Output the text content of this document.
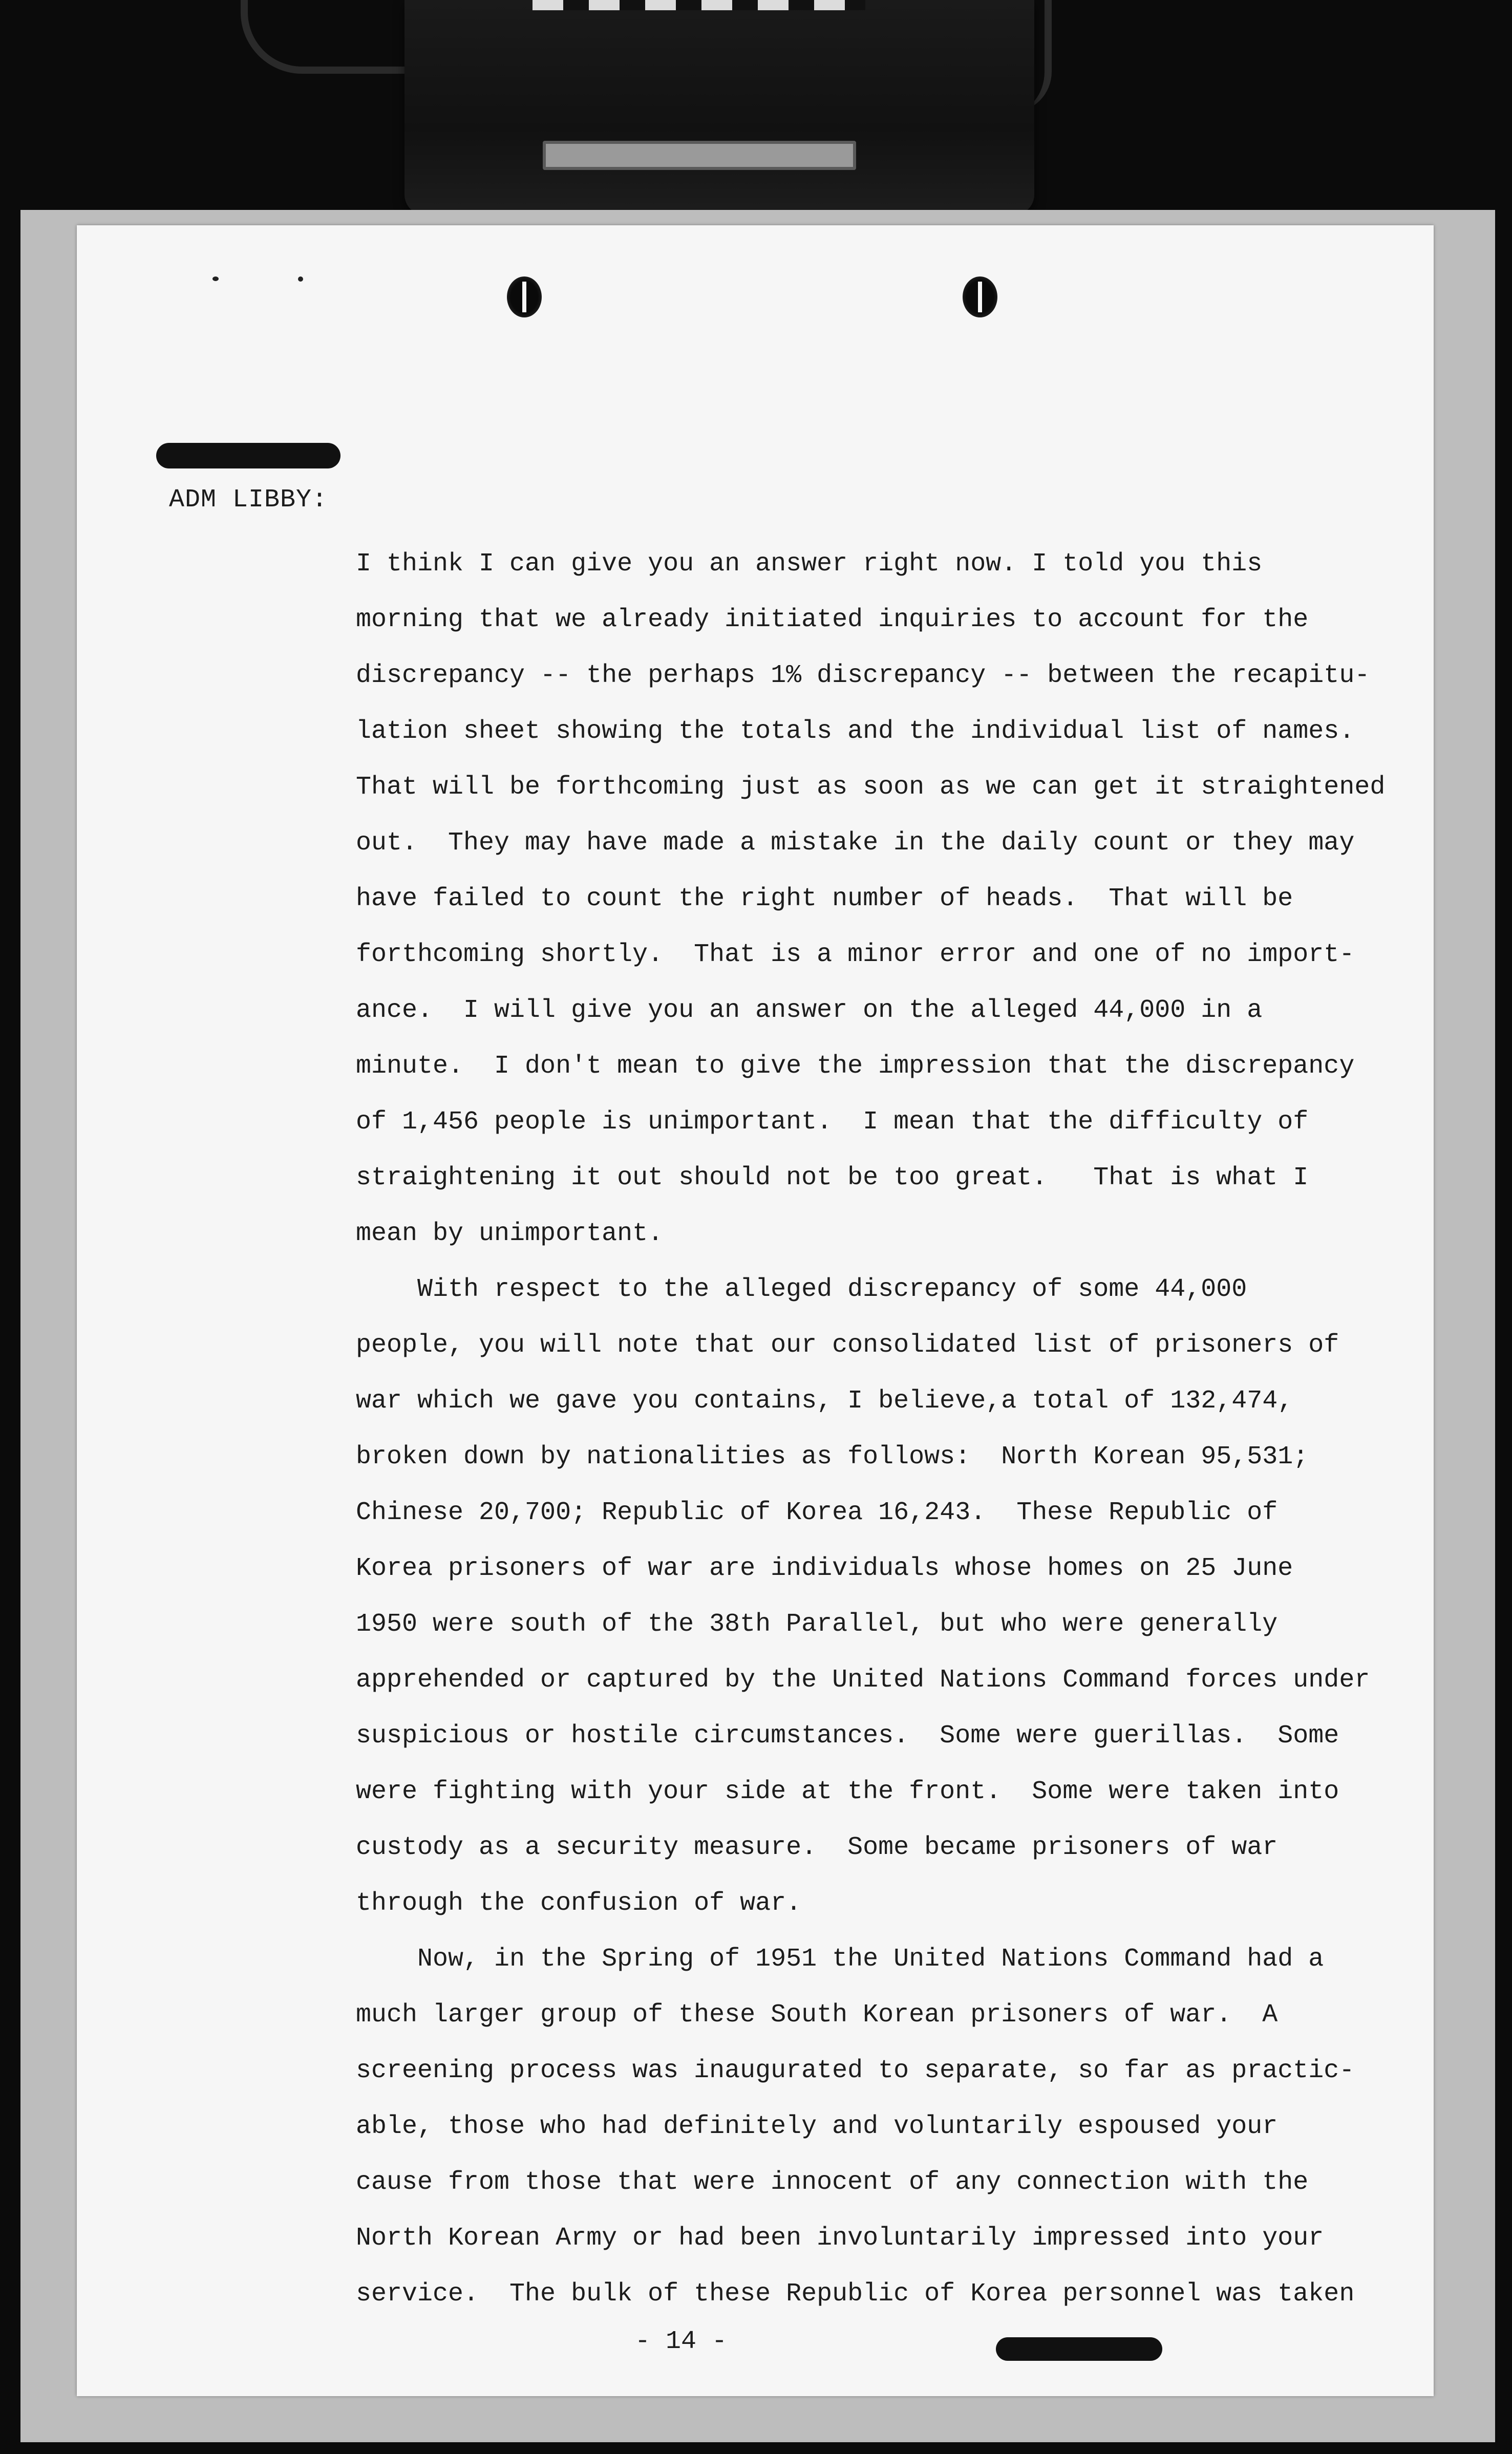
ADM LIBBY:

I think I can give you an answer right now. I told you this
morning that we already initiated inquiries to account for the
discrepancy -- the perhaps 1% discrepancy -- between the recapitu-
lation sheet showing the totals and the individual list of names.
That will be forthcoming just as soon as we can get it straightened
out.  They may have made a mistake in the daily count or they may
have failed to count the right number of heads.  That will be
forthcoming shortly.  That is a minor error and one of no import-
ance.  I will give you an answer on the alleged 44,000 in a
minute.  I don't mean to give the impression that the discrepancy
of 1,456 people is unimportant.  I mean that the difficulty of
straightening it out should not be too great.   That is what I
mean by unimportant.

With respect to the alleged discrepancy of some 44,000
people, you will note that our consolidated list of prisoners of
war which we gave you contains, I believe,a total of 132,474,
broken down by nationalities as follows:  North Korean 95,531;
Chinese 20,700; Republic of Korea 16,243.  These Republic of
Korea prisoners of war are individuals whose homes on 25 June
1950 were south of the 38th Parallel, but who were generally
apprehended or captured by the United Nations Command forces under
suspicious or hostile circumstances.  Some were guerillas.  Some
were fighting with your side at the front.  Some were taken into
custody as a security measure.  Some became prisoners of war
through the confusion of war.

Now, in the Spring of 1951 the United Nations Command had a
much larger group of these South Korean prisoners of war.  A
screening process was inaugurated to separate, so far as practic-
able, those who had definitely and voluntarily espoused your
cause from those that were innocent of any connection with the
North Korean Army or had been involuntarily impressed into your
service.  The bulk of these Republic of Korea personnel was taken

- 14 -
